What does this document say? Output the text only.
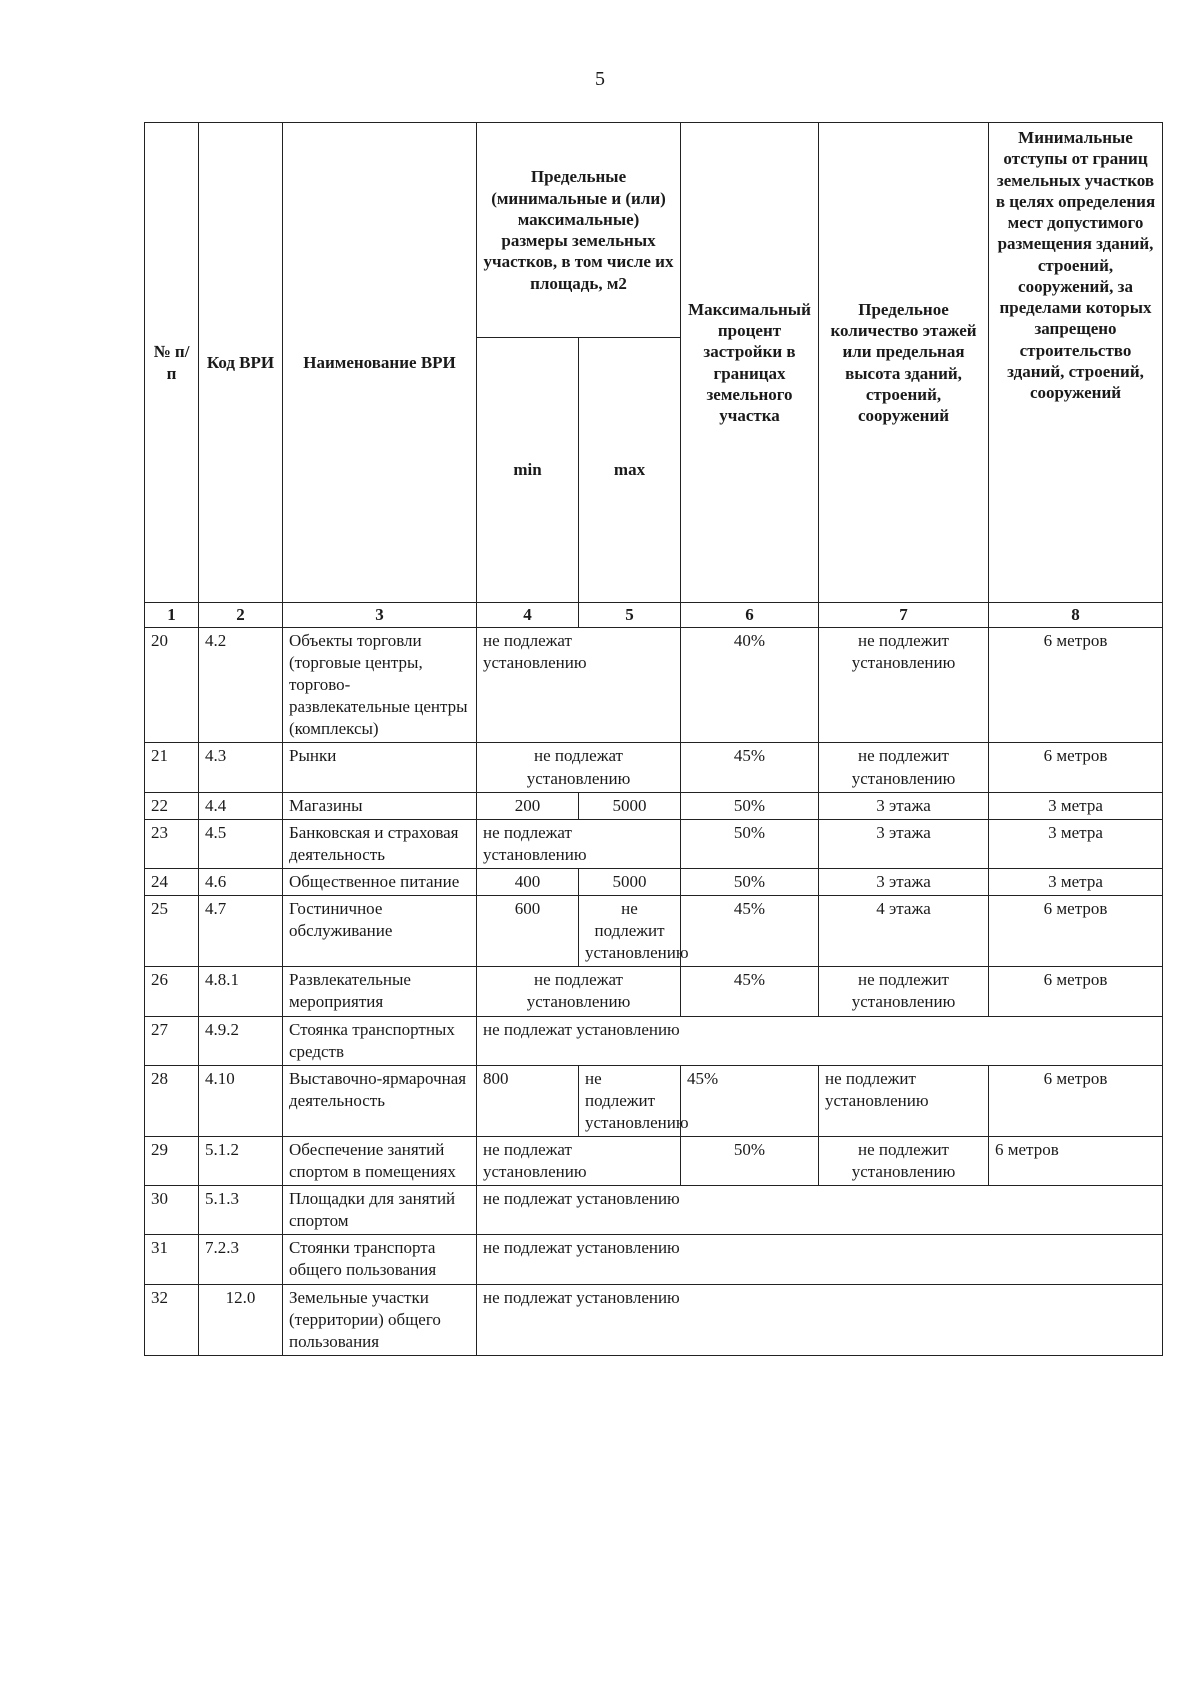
5
№ п/п	Код ВРИ	Наименование ВРИ	Предельные (минимальные и (или) максимальные) размеры земельных участков, в том числе их площадь, м2		Максимальный процент застройки в границах земельного участка	Предельное количество этажей или предельная высота зданий, строений, сооружений	Минимальные отступы от границ земельных участков в целях определения мест допустимого размещения зданий, строений, сооружений, за пределами которых запрещено строительство зданий, строений, сооружений
			min	max			
1	2	3	4	5	6	7	8
20	4.2	Объекты торговли (торговые центры, торгово-развлекательные центры (комплексы)	не подлежат установлению		40%	не подлежит установлению	6 метров
21	4.3	Рынки	не подлежат установлению		45%	не подлежит установлению	6 метров
22	4.4	Магазины	200	5000	50%	3 этажа	3 метра
23	4.5	Банковская и страховая деятельность	не подлежат установлению		50%	3 этажа	3 метра
24	4.6	Общественное питание	400	5000	50%	3 этажа	3 метра
25	4.7	Гостиничное обслуживание	600	не подлежит установлению	45%	4 этажа	6 метров
26	4.8.1	Развлекательные мероприятия	не подлежат установлению		45%	не подлежит установлению	6 метров
27	4.9.2	Стоянка транспортных средств	не подлежат установлению				
28	4.10	Выставочно-ярмарочная деятельность	800	не подлежит установлению	45%	не подлежит установлению	6 метров
29	5.1.2	Обеспечение занятий спортом в помещениях	не подлежат установлению		50%	не подлежит установлению	6 метров
30	5.1.3	Площадки для занятий спортом	не подлежат установлению				
31	7.2.3	Стоянки транспорта общего пользования	не подлежат установлению				
32	12.0	Земельные участки (территории) общего пользования	не подлежат установлению				
